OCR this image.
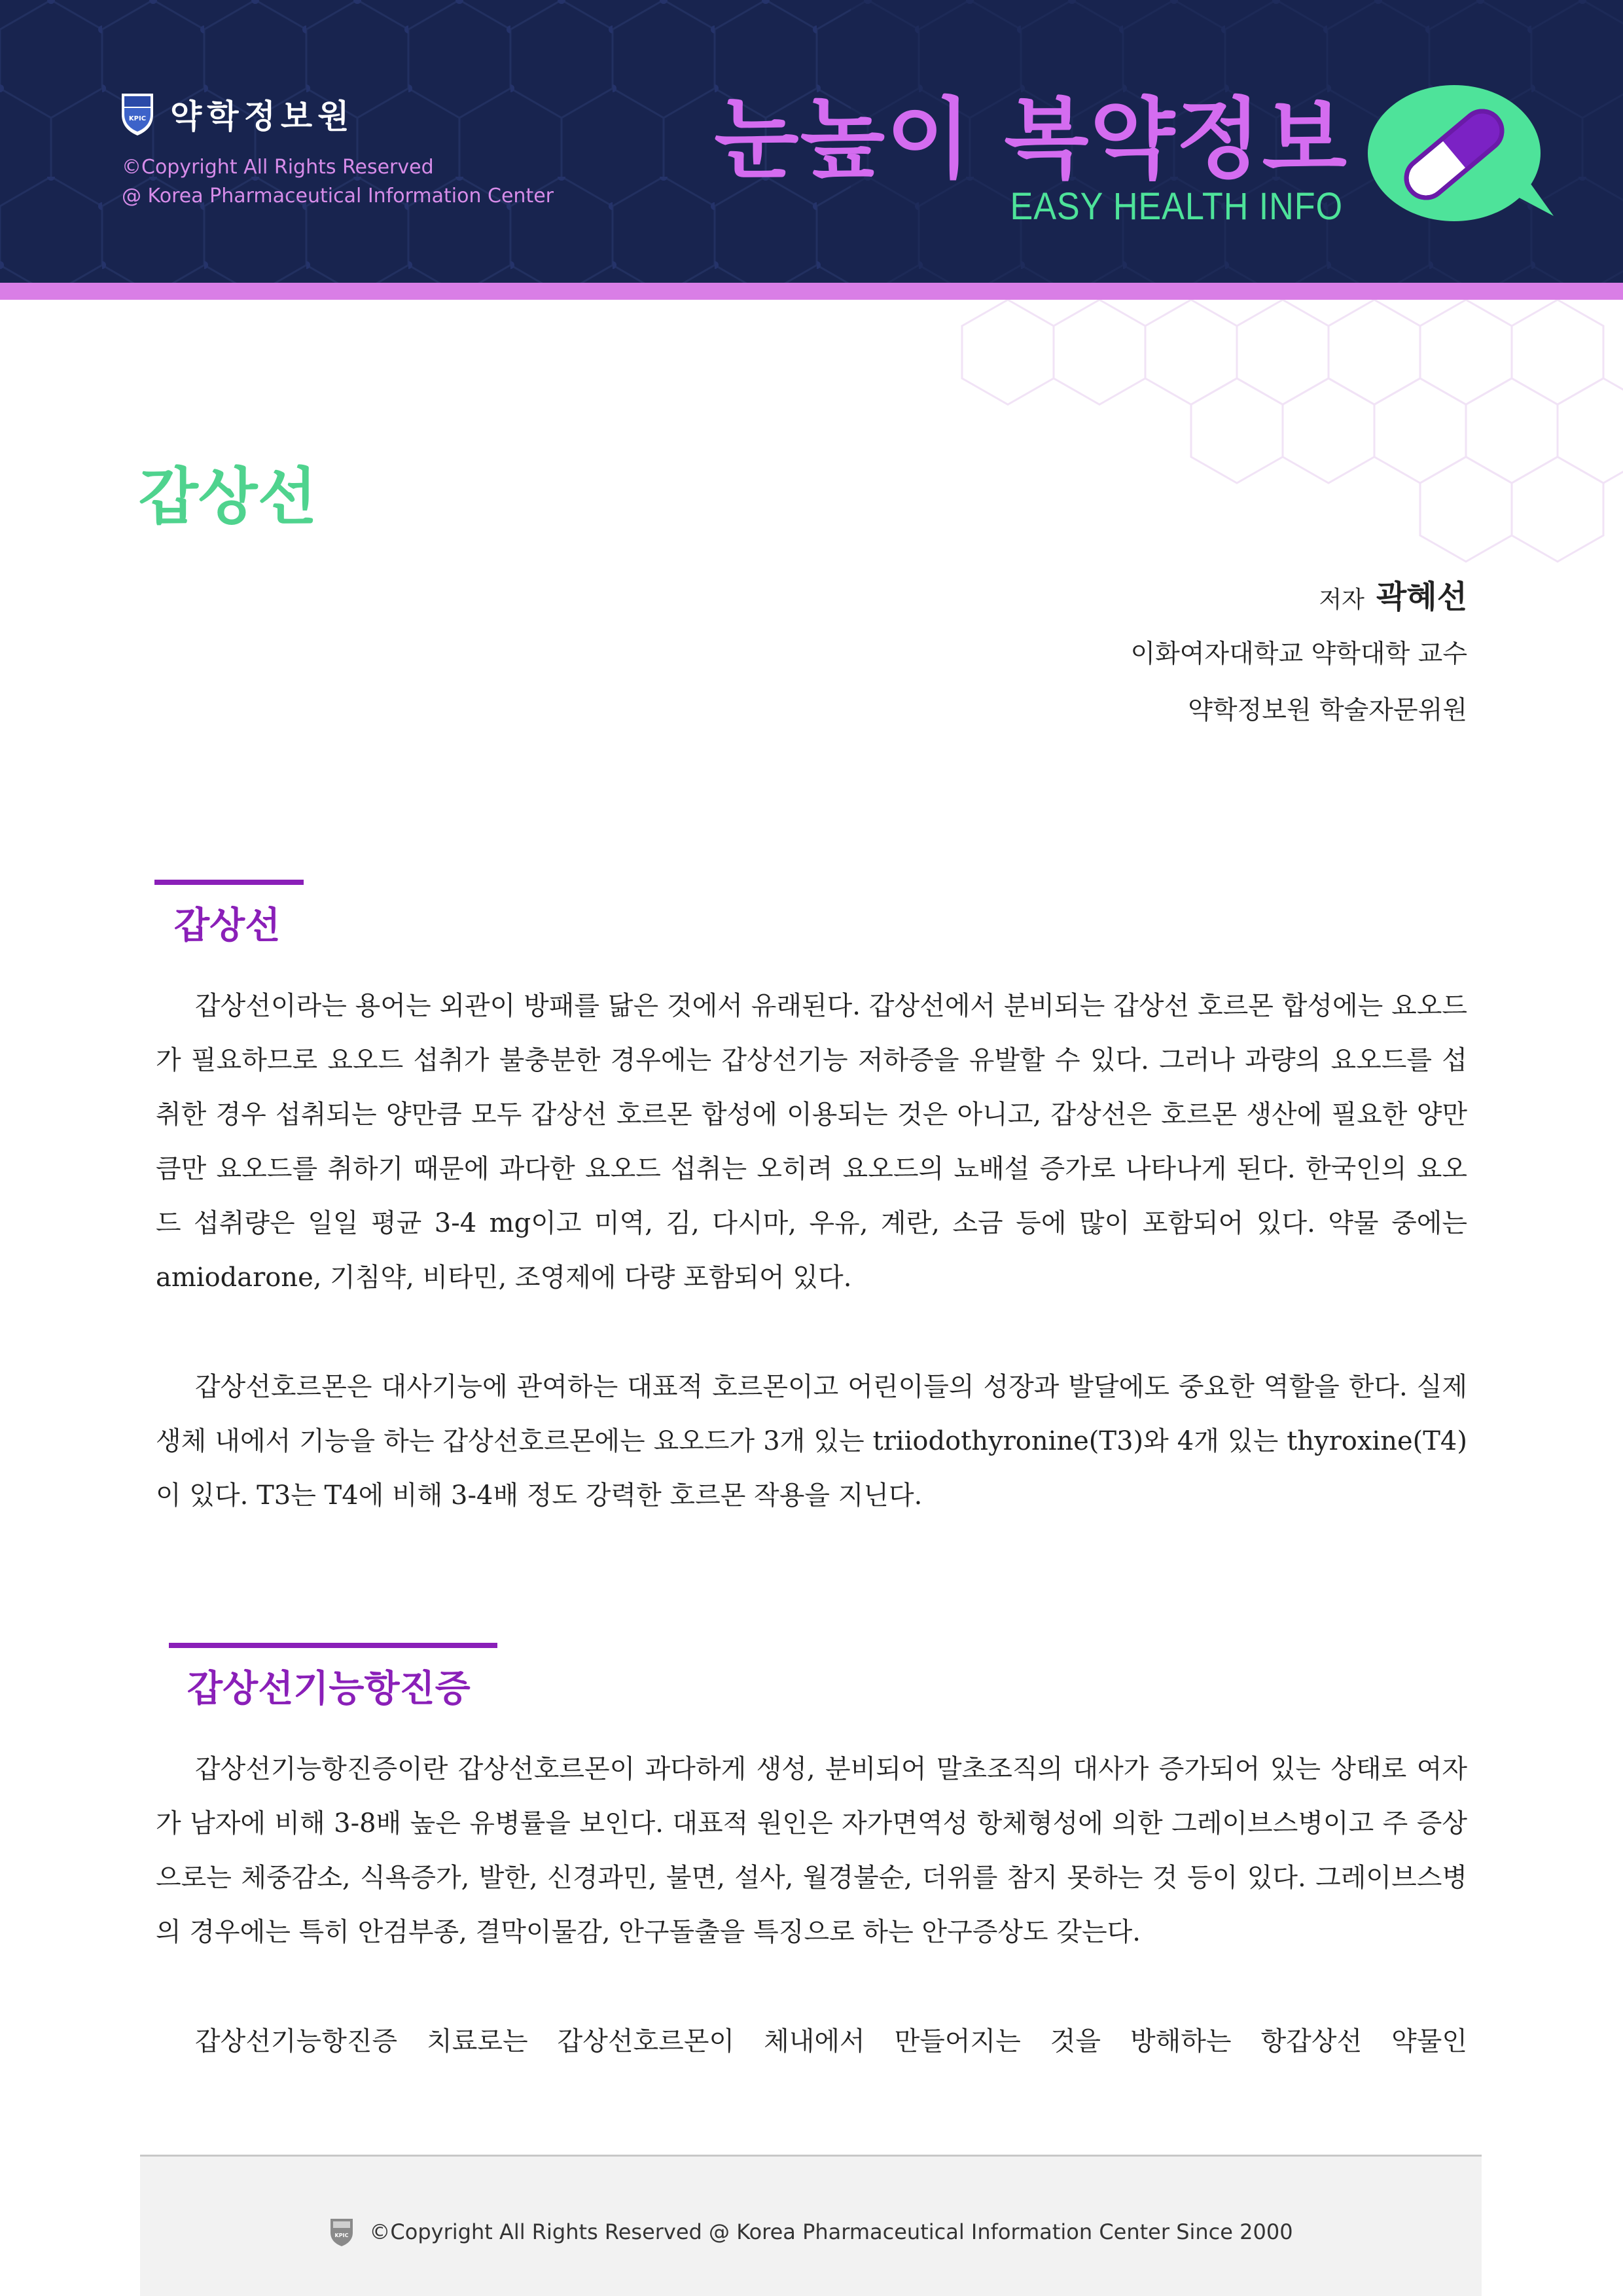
KPIC 약학정보원
©Copyright All Rights Reserved
@ Korea Pharmaceutical Information Center
눈높이 복약정보
EASY HEALTH INFO
갑상선
저자 곽혜선
이화여자대학교 약학대학 교수
약학정보원 학술자문위원
갑상선
갑상선이라는 용어는 외관이 방패를 닮은 것에서 유래된다. 갑상선에서 분비되는 갑상선 호르몬 합성에는 요오드가 필요하므로 요오드 섭취가 불충분한 경우에는 갑상선기능 저하증을 유발할 수 있다. 그러나 과량의 요오드를 섭취한 경우 섭취되는 양만큼 모두 갑상선 호르몬 합성에 이용되는 것은 아니고, 갑상선은 호르몬 생산에 필요한 양만큼만 요오드를 취하기 때문에 과다한 요오드 섭취는 오히려 요오드의 뇨배설 증가로 나타나게 된다. 한국인의 요오드 섭취량은 일일 평균 3-4 mg이고 미역, 김, 다시마, 우유, 계란, 소금 등에 많이 포함되어 있다. 약물 중에는 amiodarone, 기침약, 비타민, 조영제에 다량 포함되어 있다.
갑상선호르몬은 대사기능에 관여하는 대표적 호르몬이고 어린이들의 성장과 발달에도 중요한 역할을 한다. 실제 생체 내에서 기능을 하는 갑상선호르몬에는 요오드가 3개 있는 triiodothyronine(T3)와 4개 있는 thyroxine(T4)이 있다. T3는 T4에 비해 3-4배 정도 강력한 호르몬 작용을 지닌다.
갑상선기능항진증
갑상선기능항진증이란 갑상선호르몬이 과다하게 생성, 분비되어 말초조직의 대사가 증가되어 있는 상태로 여자가 남자에 비해 3-8배 높은 유병률을 보인다. 대표적 원인은 자가면역성 항체형성에 의한 그레이브스병이고 주 증상으로는 체중감소, 식욕증가, 발한, 신경과민, 불면, 설사, 월경불순, 더위를 참지 못하는 것 등이 있다. 그레이브스병의 경우에는 특히 안검부종, 결막이물감, 안구돌출을 특징으로 하는 안구증상도 갖는다.
갑상선기능항진증 치료로는 갑상선호르몬이 체내에서 만들어지는 것을 방해하는 항갑상선 약물인
KPIC ©Copyright All Rights Reserved @ Korea Pharmaceutical Information Center Since 2000
